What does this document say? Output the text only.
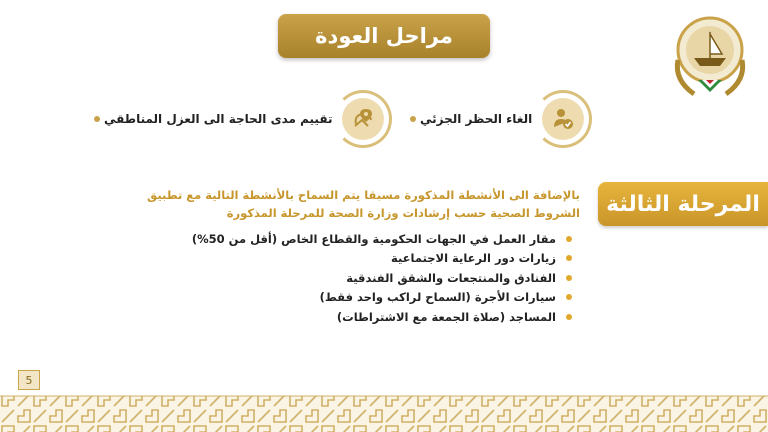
مراحل العودة
الغاء الحظر الجزئي
تقييم مدى الحاجة الى العزل المناطقي
المرحلة الثالثة
بالإضافة الى الأنشطة المذكورة مسبقا يتم السماح بالأنشطة التالية مع تطبيق الشروط الصحية حسب إرشادات وزارة الصحة للمرحلة المذكورة
مقار العمل في الجهات الحكومية والقطاع الخاص (أقل من 50%)
زيارات دور الرعاية الاجتماعية
الفنادق والمنتجعات والشقق الفندقية
سيارات الأجرة (السماح لراكب واحد فقط)
المساجد (صلاة الجمعة مع الاشتراطات)
5
